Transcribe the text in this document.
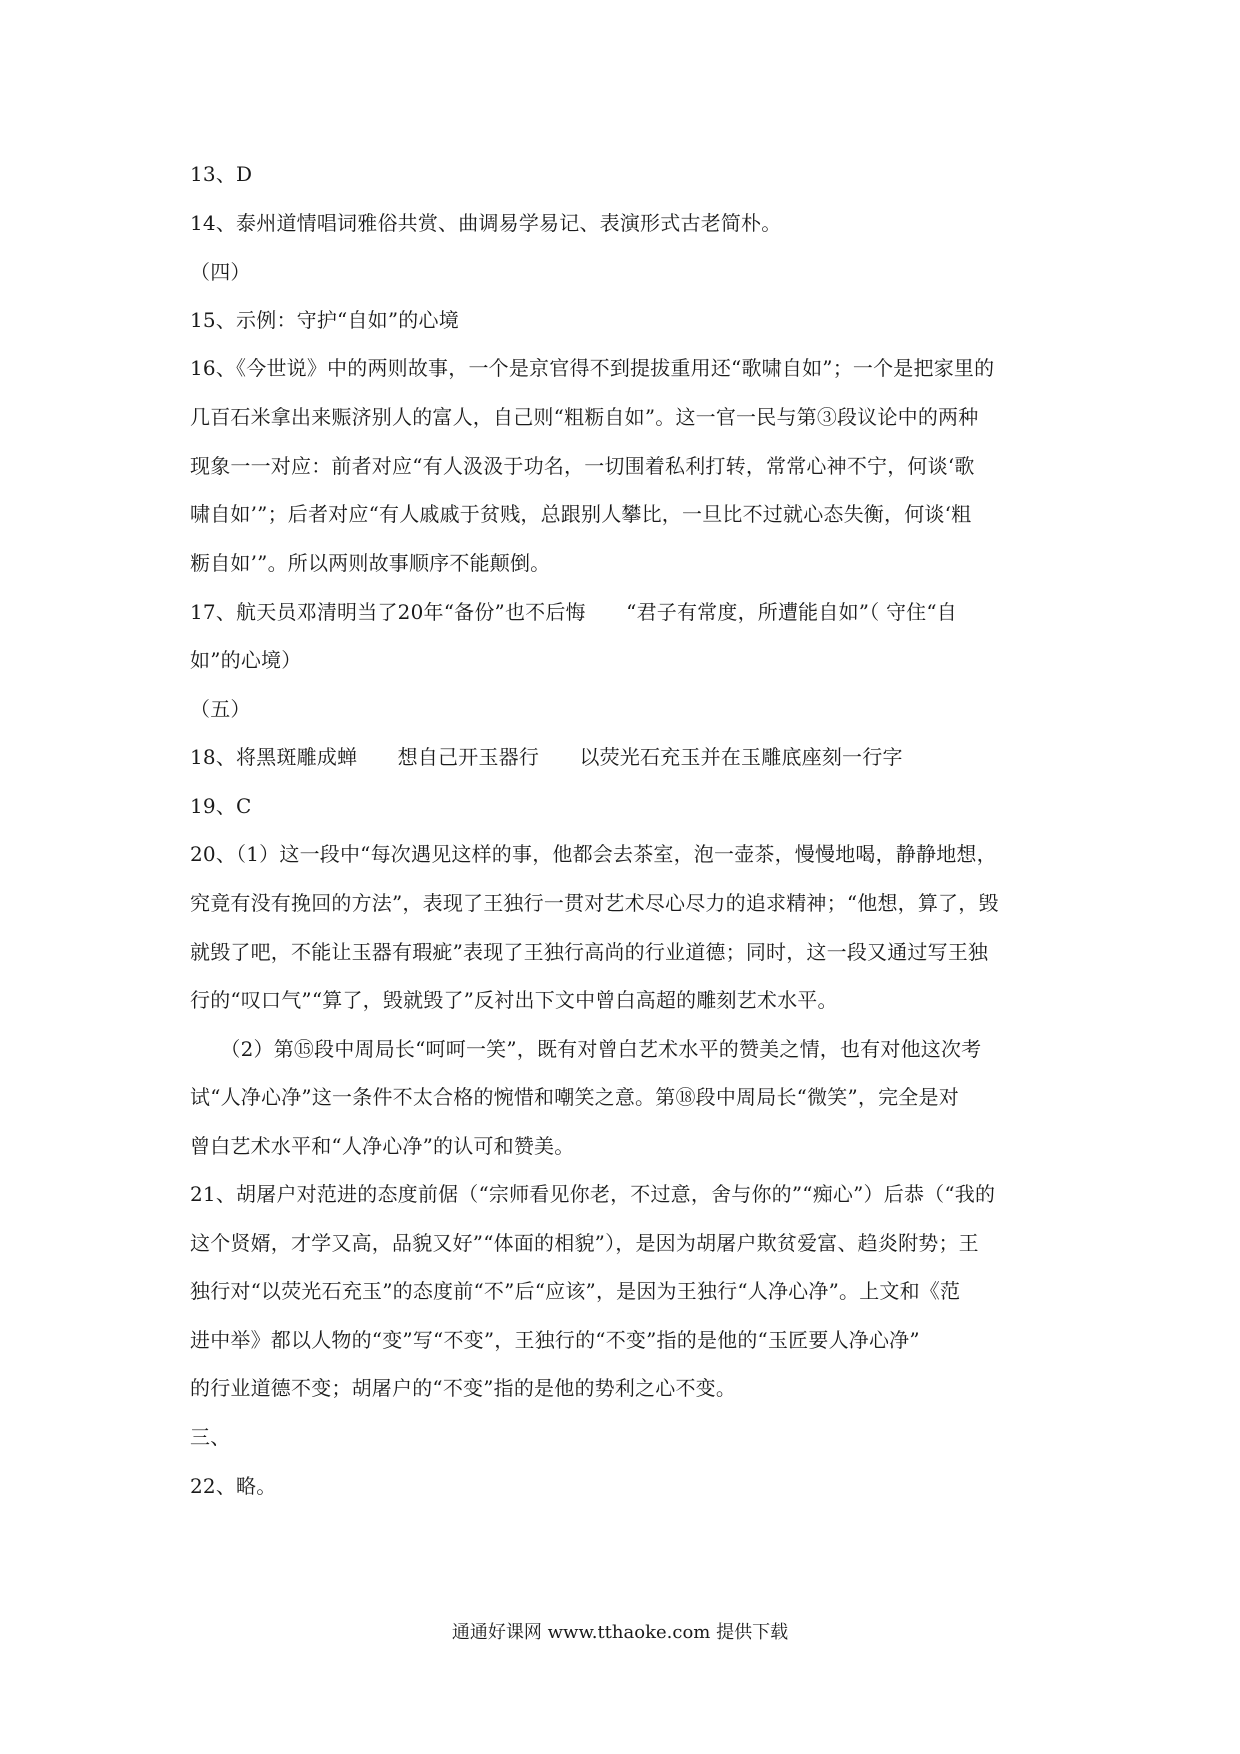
13、D
14、泰州道情唱词雅俗共赏、曲调易学易记、表演形式古老简朴。
（四）
15、示例：守护“自如”的心境
16、《今世说》中的两则故事，一个是京官得不到提拔重用还“歌啸自如”；一个是把家里的
几百石米拿出来赈济别人的富人，自己则“粗粝自如”。这一官一民与第③段议论中的两种
现象一一对应：前者对应“有人汲汲于功名，一切围着私利打转，常常心神不宁，何谈‘歌
啸自如’”；后者对应“有人戚戚于贫贱，总跟别人攀比，一旦比不过就心态失衡，何谈‘粗
粝自如’”。所以两则故事顺序不能颠倒。
17、航天员邓清明当了20年“备份”也不后悔　　“君子有常度，所遭能自如”（ 守住“自
如”的心境）
（五）
18、将黑斑雕成蝉　　想自己开玉器行　　以荧光石充玉并在玉雕底座刻一行字
19、C
20、（1）这一段中“每次遇见这样的事，他都会去茶室，泡一壶茶，慢慢地喝，静静地想，
究竟有没有挽回的方法”，表现了王独行一贯对艺术尽心尽力的追求精神；“他想，算了，毁
就毁了吧，不能让玉器有瑕疵”表现了王独行高尚的行业道德；同时，这一段又通过写王独
行的“叹口气”“算了，毁就毁了”反衬出下文中曾白高超的雕刻艺术水平。
　　（2）第⑮段中周局长“呵呵一笑”，既有对曾白艺术水平的赞美之情，也有对他这次考
试“人净心净”这一条件不太合格的惋惜和嘲笑之意。第⑱段中周局长“微笑”，完全是对
曾白艺术水平和“人净心净”的认可和赞美。
21、胡屠户对范进的态度前倨（“宗师看见你老，不过意，舍与你的”“痴心”）后恭（“我的
这个贤婿，才学又高，品貌又好”“体面的相貌”），是因为胡屠户欺贫爱富、趋炎附势；王
独行对“以荧光石充玉”的态度前“不”后“应该”，是因为王独行“人净心净”。上文和《范
进中举》都以人物的“变”写“不变”，王独行的“不变”指的是他的“玉匠要人净心净”
的行业道德不变；胡屠户的“不变”指的是他的势利之心不变。
三、
22、略。
通通好课网 www.tthaoke.com 提供下载
